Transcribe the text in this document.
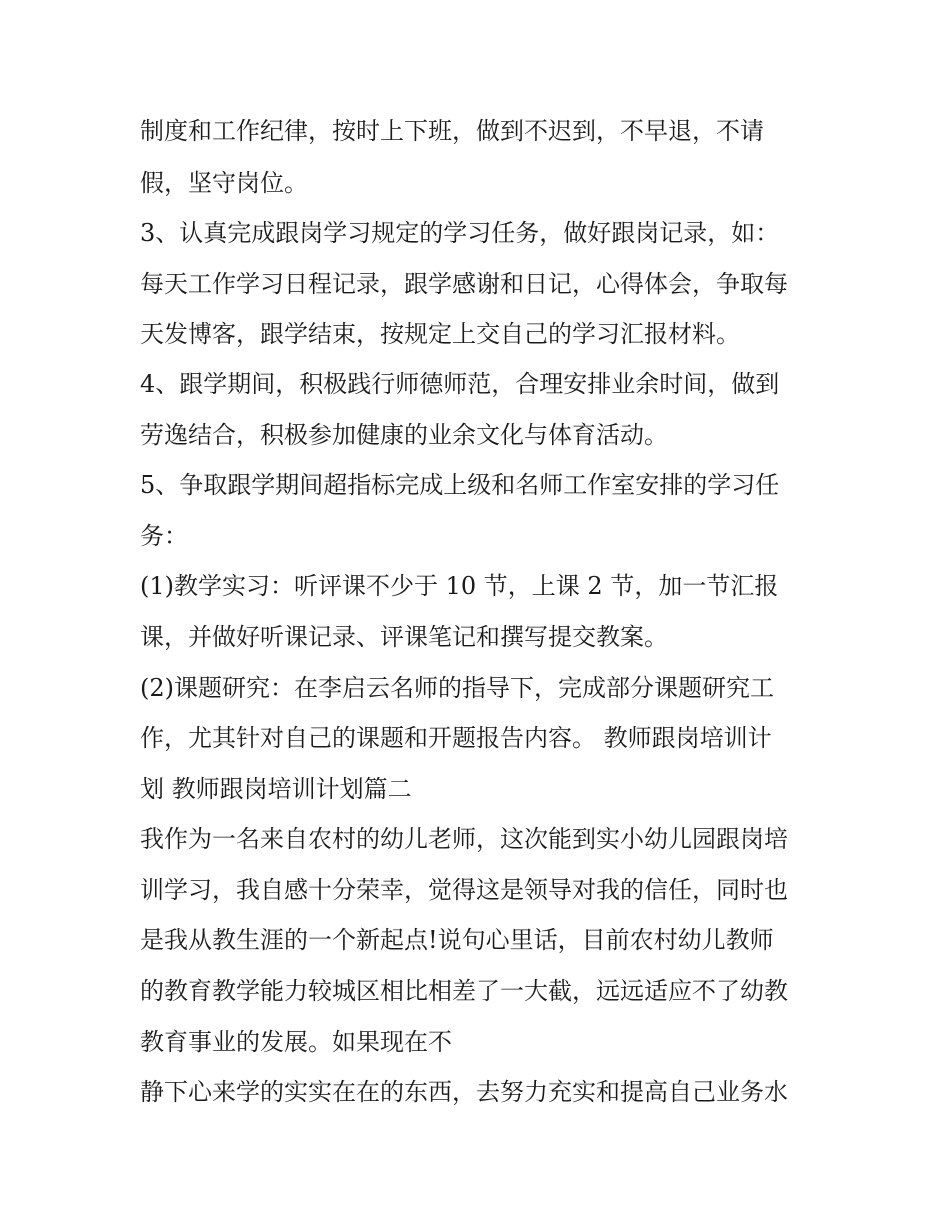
制度和工作纪律，按时上下班，做到不迟到，不早退，不请

假，坚守岗位。

3、认真完成跟岗学习规定的学习任务，做好跟岗记录，如：

每天工作学习日程记录，跟学感谢和日记，心得体会，争取每

天发博客，跟学结束，按规定上交自己的学习汇报材料。

4、跟学期间，积极践行师德师范，合理安排业余时间，做到

劳逸结合，积极参加健康的业余文化与体育活动。

5、争取跟学期间超指标完成上级和名师工作室安排的学习任

务：

(1)教学实习：听评课不少于 10 节，上课 2 节，加一节汇报

课，并做好听课记录、评课笔记和撰写提交教案。

(2)课题研究：在李启云名师的指导下，完成部分课题研究工

作，尤其针对自己的课题和开题报告内容。 教师跟岗培训计

划 教师跟岗培训计划篇二

我作为一名来自农村的幼儿老师，这次能到实小幼儿园跟岗培

训学习，我自感十分荣幸，觉得这是领导对我的信任，同时也

是我从教生涯的一个新起点!说句心里话，目前农村幼儿教师

的教育教学能力较城区相比相差了一大截，远远适应不了幼教

教育事业的发展。如果现在不

静下心来学的实实在在的东西，去努力充实和提高自己业务水
